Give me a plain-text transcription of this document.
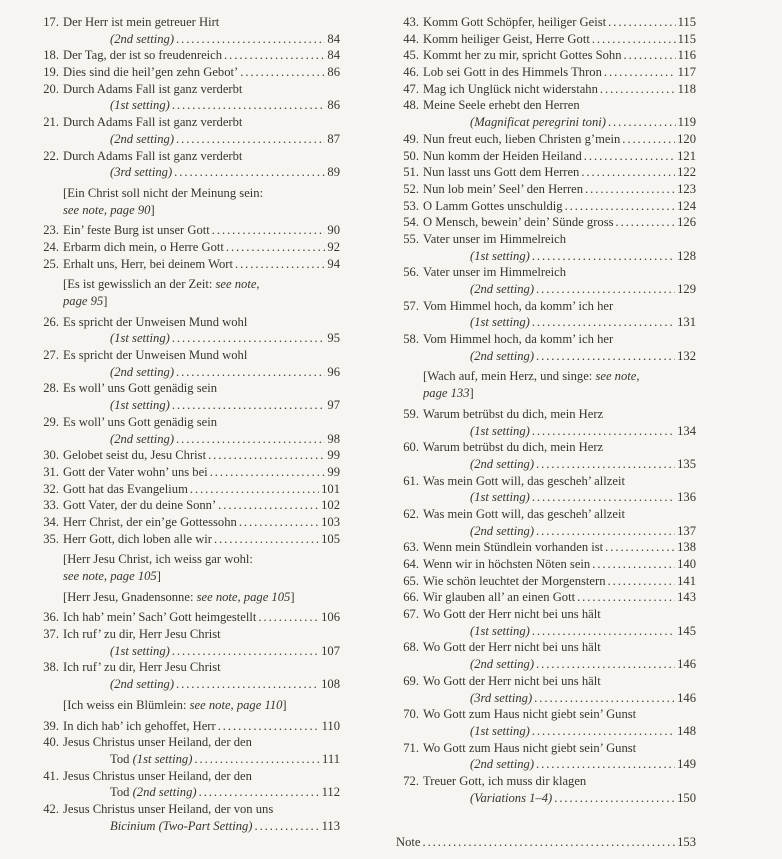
17. Der Herr ist mein getreuer Hirt
(2nd setting) . . .	84
18. Der Tag, der ist so freudenreich . . .	84
19. Dies sind die heil’gen zehn Gebot’ . . .	86
20. Durch Adams Fall ist ganz verderbt
(1st setting) . . .	86
21. Durch Adams Fall ist ganz verderbt
(2nd setting) . . .	87
22. Durch Adams Fall ist ganz verderbt
(3rd setting) . . .	89
[Ein Christ soll nicht der Meinung sein:
see note, page 90 ]
23. Ein’ feste Burg ist unser Gott . . .	90
24. Erbarm dich mein, o Herre Gott . . .	92
25. Erhalt uns, Herr, bei deinem Wort . . .	94
[Es ist gewisslich an der Zeit: see note,
page 95 ]
26. Es spricht der Unweisen Mund wohl
(1st setting) . . .	95
27. Es spricht der Unweisen Mund wohl
(2nd setting) . . .	96
28. Es woll’ uns Gott genädig sein
(1st setting) . . .	97
29. Es woll’ uns Gott genädig sein
(2nd setting) . . .	98
30. Gelobet seist du, Jesu Christ . . .	99
31. Gott der Vater wohn’ uns bei . . .	99
32. Gott hat das Evangelium . . .	101
33. Gott Vater, der du deine Sonn’ . . .	102
34. Herr Christ, der ein’ge Gottessohn . . .	103
35. Herr Gott, dich loben alle wir . . .	105
[Herr Jesu Christ, ich weiss gar wohl:
see note, page 105 ]
[Herr Jesu, Gnadensonne: see note, page 105 ]
36. Ich hab’ mein’ Sach’ Gott heimgestellt . . .	106
37. Ich ruf’ zu dir, Herr Jesu Christ
(1st setting) . . .	107
38. Ich ruf’ zu dir, Herr Jesu Christ
(2nd setting) . . .	108
[Ich weiss ein Blümlein: see note, page 110 ]
39. In dich hab’ ich gehoffet, Herr . . .	110
40. Jesus Christus unser Heiland, der den
Tod (1st setting) . . .	111
41. Jesus Christus unser Heiland, der den
Tod (2nd setting) . . .	112
42. Jesus Christus unser Heiland, der von uns
Bicinium (Two-Part Setting) . . .	113
43. Komm Gott Schöpfer, heiliger Geist . . .	115
44. Komm heiliger Geist, Herre Gott . . .	115
45. Kommt her zu mir, spricht Gottes Sohn . . .	116
46. Lob sei Gott in des Himmels Thron . . .	117
47. Mag ich Unglück nicht widerstahn . . .	118
48. Meine Seele erhebt den Herren
(Magnificat peregrini toni) . . .	119
49. Nun freut euch, lieben Christen g’mein . . .	120
50. Nun komm der Heiden Heiland . . .	121
51. Nun lasst uns Gott dem Herren . . .	122
52. Nun lob mein’ Seel’ den Herren . . .	123
53. O Lamm Gottes unschuldig . . .	124
54. O Mensch, bewein’ dein’ Sünde gross . . .	126
55. Vater unser im Himmelreich
(1st setting) . . .	128
56. Vater unser im Himmelreich
(2nd setting) . . .	129
57. Vom Himmel hoch, da komm’ ich her
(1st setting) . . .	131
58. Vom Himmel hoch, da komm’ ich her
(2nd setting) . . .	132
[Wach auf, mein Herz, und singe: see note,
page 133 ]
59. Warum betrübst du dich, mein Herz
(1st setting) . . .	134
60. Warum betrübst du dich, mein Herz
(2nd setting) . . .	135
61. Was mein Gott will, das gescheh’ allzeit
(1st setting) . . .	136
62. Was mein Gott will, das gescheh’ allzeit
(2nd setting) . . .	137
63. Wenn mein Stündlein vorhanden ist . . .	138
64. Wenn wir in höchsten Nöten sein . . .	140
65. Wie schön leuchtet der Morgenstern . . .	141
66. Wir glauben all’ an einen Gott . . .	143
67. Wo Gott der Herr nicht bei uns hält
(1st setting) . . .	145
68. Wo Gott der Herr nicht bei uns hält
(2nd setting) . . .	146
69. Wo Gott der Herr nicht bei uns hält
(3rd setting) . . .	146
70. Wo Gott zum Haus nicht giebt sein’ Gunst
(1st setting) . . .	148
71. Wo Gott zum Haus nicht giebt sein’ Gunst
(2nd setting) . . .	149
72. Treuer Gott, ich muss dir klagen
(Variations 1–4) . . .	150
Note . . .	153
